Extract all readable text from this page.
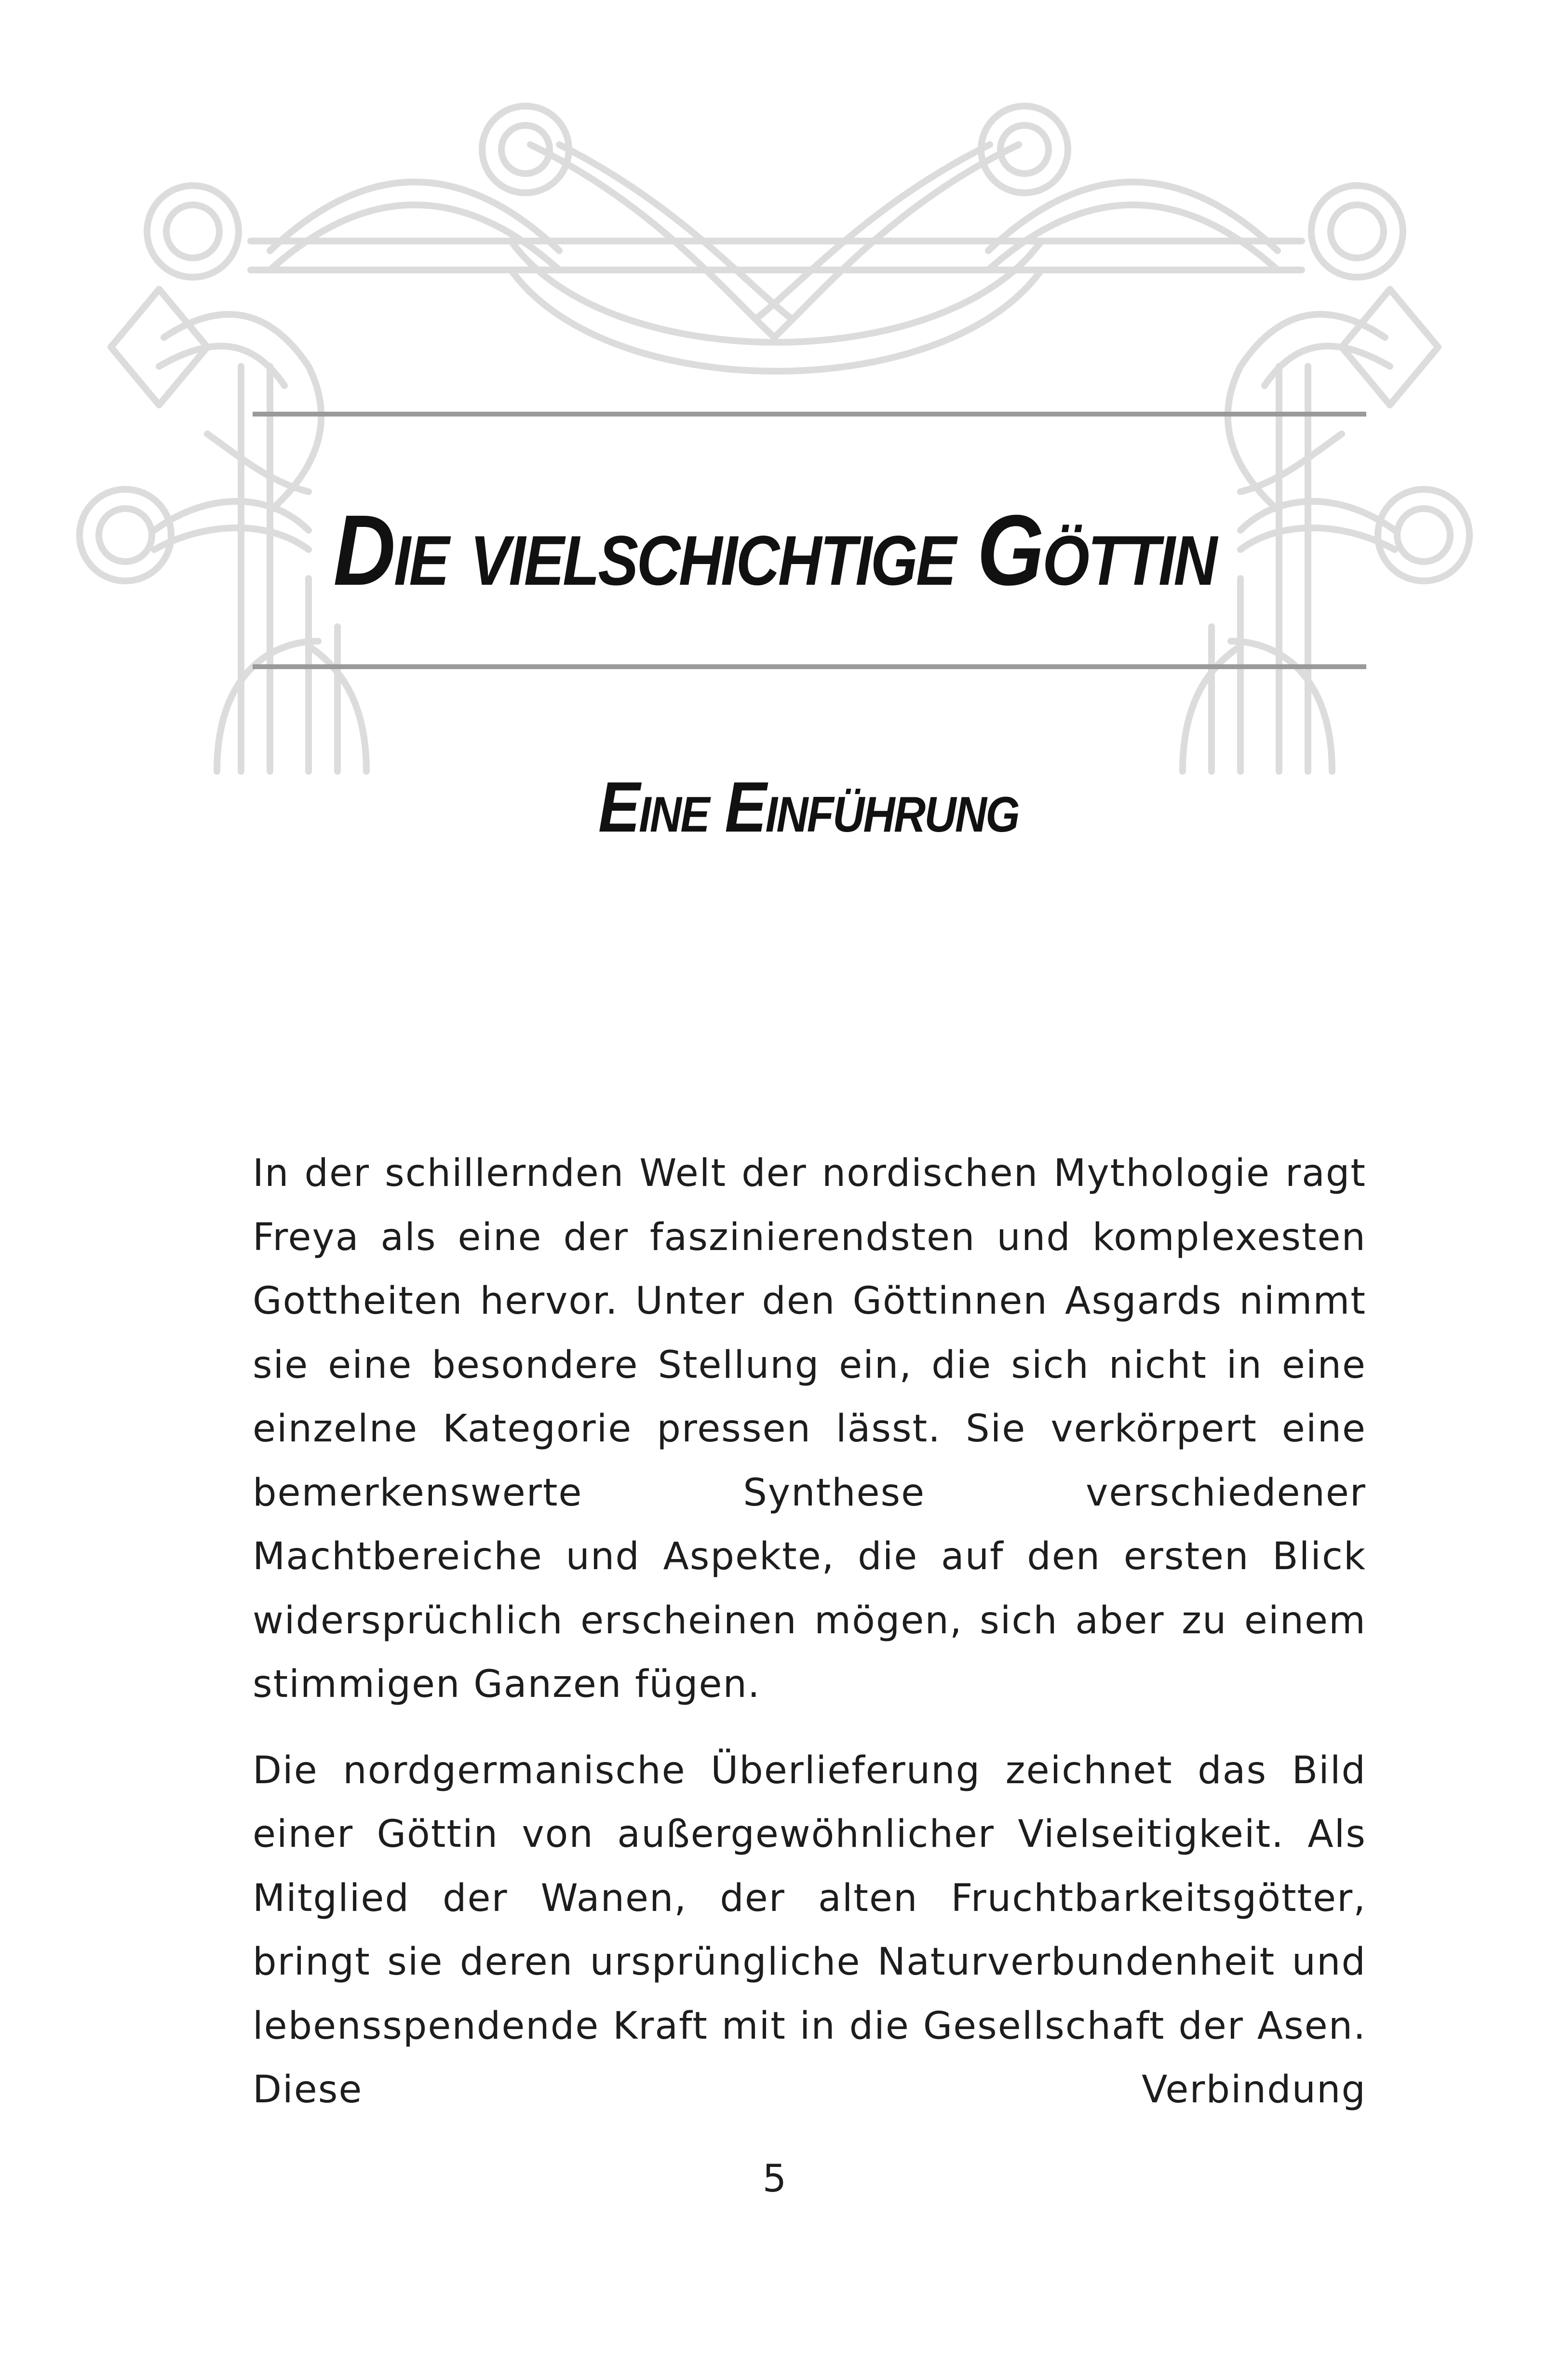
Die vielschichtige Göttin
Eine Einführung

In der schillernden Welt der nordischen Mythologie ragt Freya als eine der faszinierendsten und komplexesten Gottheiten hervor. Unter den Göttinnen Asgards nimmt sie eine besondere Stellung ein, die sich nicht in eine einzelne Kategorie pressen lässt. Sie verkörpert eine bemerkenswerte Synthese verschiedener Machtbereiche und Aspekte, die auf den ersten Blick widersprüchlich erscheinen mögen, sich aber zu einem stimmigen Ganzen fügen.

Die nordgermanische Überlieferung zeichnet das Bild einer Göttin von außergewöhnlicher Vielseitigkeit. Als Mitglied der Wanen, der alten Fruchtbarkeitsgötter, bringt sie deren ursprüngliche Naturverbundenheit und lebensspendende Kraft mit in die Gesellschaft der Asen. Diese Verbindung

5
